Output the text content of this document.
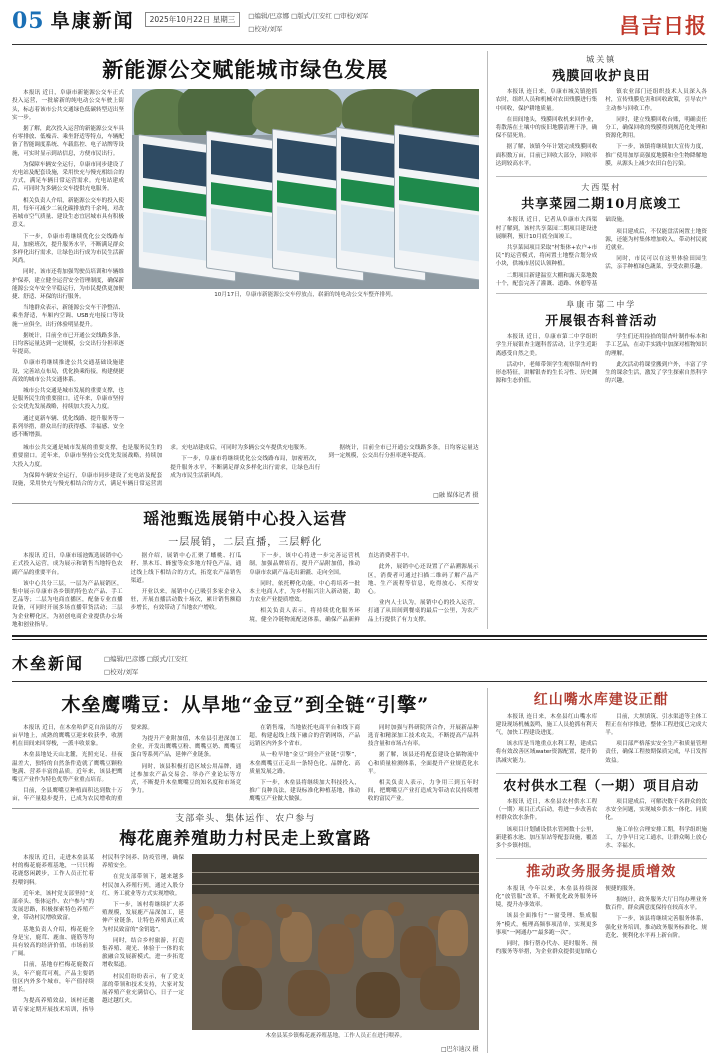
05 阜康新闻	2025年10月22日 星期三	□编辑/巴彦娜 □版式/江安红 □审校/刘军
□校对/刘军	昌吉日报
新能源公交赋能城市绿色发展

本报讯 近日，阜康市新能源公交车正式投入运营，一批崭新的纯电动公交车驶上街头，标志着该市公共交通绿色低碳转型迈出坚实一步。

据了解，此次投入运营的新能源公交车具有零排放、低噪音、乘坐舒适等特点，车辆配备了智能调度系统、车载监控、电子站牌等设施，可实时显示到站信息，方便市民出行。

为保障车辆安全运行，阜康市同步建设了充电站及配套设施，采用快充与慢充相结合的方式，满足车辆日常运营需求。充电站建成后，可同时为多辆公交车提供充电服务。

相关负责人介绍，新能源公交车的投入使用，每年可减少二氧化碳排放约千余吨，对改善城市空气质量、建设生态宜居城市具有积极意义。

下一步，阜康市将继续优化公交线路布局，加密班次，提升服务水平，不断满足群众多样化出行需求，让绿色出行成为市民生活新风尚。

同时，该市还将加强驾驶员培训和车辆维护保养，建立健全运营安全管理制度，确保新能源公交车安全平稳运行，为市民提供更加便捷、舒适、环保的出行服务。

当地群众表示，新能源公交车干净整洁、乘坐舒适，车厢内空调、USB充电接口等设施一应俱全，出行体验明显提升。

据统计，目前全市已开通公交线路多条，日均客运量达到一定规模，公交出行分担率逐年提高。

阜康市将继续推进公共交通基础设施建设，完善站点布局，优化换乘衔接，构建便捷高效的城市公共交通体系。

城市公共交通是城市发展的重要支撑，也是服务民生的重要窗口。近年来，阜康市坚持公交优先发展战略，持续加大投入力度。

通过更新车辆、优化线路、提升服务等一系列举措，群众出行的获得感、幸福感、安全感不断增强。

10月17日，阜康市新能源公交车停放点，崭新的纯电动公交车整齐排列。

城市公共交通是城市发展的重要支撑，也是服务民生的重要窗口。近年来，阜康市坚持公交优先发展战略，持续加大投入力度。

为保障车辆安全运行，阜康市同步建设了充电站及配套设施，采用快充与慢充相结合的方式，满足车辆日常运营需求。充电站建成后，可同时为多辆公交车提供充电服务。

下一步，阜康市将继续优化公交线路布局，加密班次，提升服务水平，不断满足群众多样化出行需求，让绿色出行成为市民生活新风尚。

据统计，目前全市已开通公交线路多条，日均客运量达到一定规模，公交出行分担率逐年提高。

□融 媒体记者 摄
瑶池甄选展销中心投入运营
一层展销，二层直播，三层孵化

本报讯 近日，阜康市瑶池甄选展销中心正式投入运营，成为展示和销售当地特色农副产品的重要平台。

该中心共分三层，一层为产品展销区，集中展示阜康市各乡镇的特色农产品、手工艺品等；二层为电商直播区，配备专业直播设备，可同时开展多场直播带货活动；三层为企业孵化区，为初创电商企业提供办公场地和创业指导。

据介绍，展销中心汇聚了蟠桃、打瓜籽、黑木耳、蜂蜜等众多地方特色产品，通过线上线下相结合的方式，拓宽农产品销售渠道。

开业以来，展销中心已吸引多家企业入驻，开展直播活动数十场次，累计销售额稳步增长，有效带动了当地农户增收。

下一步，该中心将进一步完善运营机制，加强品牌培育，提升产品附加值，推动阜康市农副产品走出新疆、走向全国。

同时，依托孵化功能，中心将培养一批本土电商人才，为乡村振兴注入新动能，助力农业产业提质增效。

相关负责人表示，将持续优化服务环境，健全冷链物流配送体系，确保产品新鲜直达消费者手中。

此外，展销中心还设置了产品溯源展示区，消费者可通过扫描二维码了解产品产地、生产流程等信息，吃得放心、买得安心。

业内人士认为，展销中心的投入运营，打通了从田间到餐桌的最后一公里，为农产品上行提供了有力支撑。

城关镇
残膜回收护良田

本报讯 连日来，阜康市城关镇抢抓农时，组织人员和机械对农田残膜进行集中回收，保护耕地质量。

在田间地头，残膜回收机来回作业，将散落在土壤中的废旧地膜清理干净，确保不留死角。

据了解，该镇今年计划完成残膜回收面积数万亩，目前已回收大部分，回收率达到较高水平。

镇农业部门还组织技术人员深入各村，宣传残膜危害和回收政策，引导农户主动参与回收工作。

同时，建立残膜回收台账，明确责任分工，确保回收的残膜得到规范化处理和资源化利用。

下一步，该镇将继续加大宣传力度，推广使用加厚高强度地膜和全生物降解地膜，从源头上减少农田白色污染。

大西渠村
共享菜园二期10月底竣工

本报讯 近日，记者从阜康市大西渠村了解到，该村共享菜园二期项目建设进展顺利，预计10月底全面竣工。

共享菜园项目采取“村集体+农户+市民”的运营模式，将闲置土地整合划分成小块，供城市居民认领种植。

二期项目新建温室大棚和露天菜地数十个，配套完善了灌溉、道路、休憩等基础设施。

项目建成后，不仅能盘活闲置土地资源，还能为村集体增加收入，带动村民就近就业。

同时，市民可以在这里体验田园生活，亲手种植绿色蔬菜，享受农耕乐趣。

阜康市第二中学
开展银杏科普活动

本报讯 近日，阜康市第二中学组织学生开展银杏主题科普活动，让学生近距离感受自然之美。

活动中，老师带领学生观察银杏叶的形态特征，讲解银杏的生长习性、历史渊源和生态价值。

学生们还用捡拾的银杏叶制作标本和手工艺品，在动手实践中加深对植物知识的理解。

此次活动将课堂搬到户外，丰富了学生的课余生活，激发了学生探索自然科学的兴趣。

木垒新闻	□编辑/巴彦娜 □版式/江安红
□校对/刘军
木垒鹰嘴豆：从旱地“金豆”到全链“引擎”

本报讯 近日，在木垒哈萨克自治县的万亩旱地上，成熟的鹰嘴豆迎来收获季，收割机在田间来回穿梭，一派丰收景象。

木垒县地处天山北麓，光照充足、昼夜温差大，独特的自然条件造就了鹰嘴豆颗粒饱满、营养丰富的品质。近年来，该县把鹰嘴豆产业作为特色优势产业重点培育。

目前，全县鹰嘴豆种植面积达到数十万亩，年产量稳步提升，已成为农民增收的重要来源。

为提升产业附加值，木垒县引进深加工企业，开发出鹰嘴豆粉、鹰嘴豆奶、鹰嘴豆蛋白等系列产品，延伸产业链条。

同时，该县积极打造区域公用品牌，通过参加农产品交易会、举办产业论坛等方式，不断提升木垒鹰嘴豆的知名度和市场竞争力。

在销售端，当地依托电商平台和线下商超，构建起线上线下融合的营销网络，产品远销区内外多个省市。

从一粒旱地“金豆”到全产业链“引擎”，木垒鹰嘴豆正走出一条特色化、品牌化、高质量发展之路。

下一步，木垒县将继续加大科技投入，推广良种良法，建设标准化种植基地，推动鹰嘴豆产业做大做强。

同时加强与科研院所合作，开展新品种选育和精深加工技术攻关，不断提高产品科技含量和市场占有率。

据了解，该县还将配套建设仓储物流中心和质量检测体系，全面提升产业规范化水平。

相关负责人表示，力争用三到五年时间，把鹰嘴豆产业打造成为带动农民持续增收的富民产业。

支部牵头、集体运作、农户参与
梅花鹿养殖助力村民走上致富路

本报讯 近日，走进木垒县某村的梅花鹿养殖基地，一只只梅花鹿悠闲踱步，工作人员正忙着投喂饲料。

近年来，该村党支部坚持“支部牵头、集体运作、农户参与”的发展思路，积极探索特色养殖产业，带动村民增收致富。

基地负责人介绍，梅花鹿全身是宝，鹿茸、鹿血、鹿筋等均具有较高的经济价值，市场前景广阔。

目前，基地存栏梅花鹿数百头，年产鹿茸可观，产品主要销往区内外多个城市，年产值持续增长。

为提高养殖效益，该村还邀请专家定期开展技术培训，指导村民科学饲养、防疫管理，确保养殖安全。

在党支部带领下，越来越多村民加入养殖行列，通过入股分红、务工就业等方式实现增收。

下一步，该村将继续扩大养殖规模，发展鹿产品深加工，延伸产业链条，让特色养殖真正成为村民致富的“金钥匙”。

同时，结合乡村旅游，打造集养殖、观光、体验于一体的农旅融合发展新模式，进一步拓宽增收渠道。

村民们纷纷表示，有了党支部的带领和技术支持，大家对发展养殖产业充满信心，日子一定越过越红火。

木垒县某乡镇梅花鹿养殖基地，工作人员正在进行喂养。
□巴尔迪汉 摄
红山嘴水库建设正酣

本报讯 连日来，木垒县红山嘴水库建设现场机械轰鸣，施工人员抢抓有利天气，加快工程建设进度。

该水库是当地重点水利工程，建成后将有效改善区域water资源配置，提升防洪减灾能力。

目前，大坝填筑、引水渠道等主体工程正在有序推进，整体工程进度已完成大半。

项目部严格落实安全生产和质量管理责任，确保工程按期保质完成，早日发挥效益。

农村供水工程（一期）项目启动

本报讯 近日，木垒县农村供水工程（一期）项目正式启动，将进一步改善农村群众饮水条件。

该项目计划铺设供水管网数十公里，新建蓄水池、加压泵站等配套设施，覆盖多个乡镇村组。

项目建成后，可解决数千名群众的饮水安全问题，实现城乡供水一体化、同质化。

施工单位合理安排工期，科学组织施工，力争早日完工通水，让群众喝上放心水、幸福水。

推动政务服务提质增效

本报讯 今年以来，木垒县持续深化“放管服”改革，不断优化政务服务环境，提升办事效率。

该县全面推行“一窗受理、集成服务”模式，梳理高频事项清单，实现更多事项“一网通办”“最多跑一次”。

同时，推行帮办代办、延时服务、预约服务等举措，为企业群众提供更加贴心便捷的服务。

据统计，政务服务大厅日均办理业务数百件，群众满意度保持在较高水平。

下一步，该县将继续完善服务体系，强化业务培训，推动政务服务标准化、规范化、便利化水平再上新台阶。
